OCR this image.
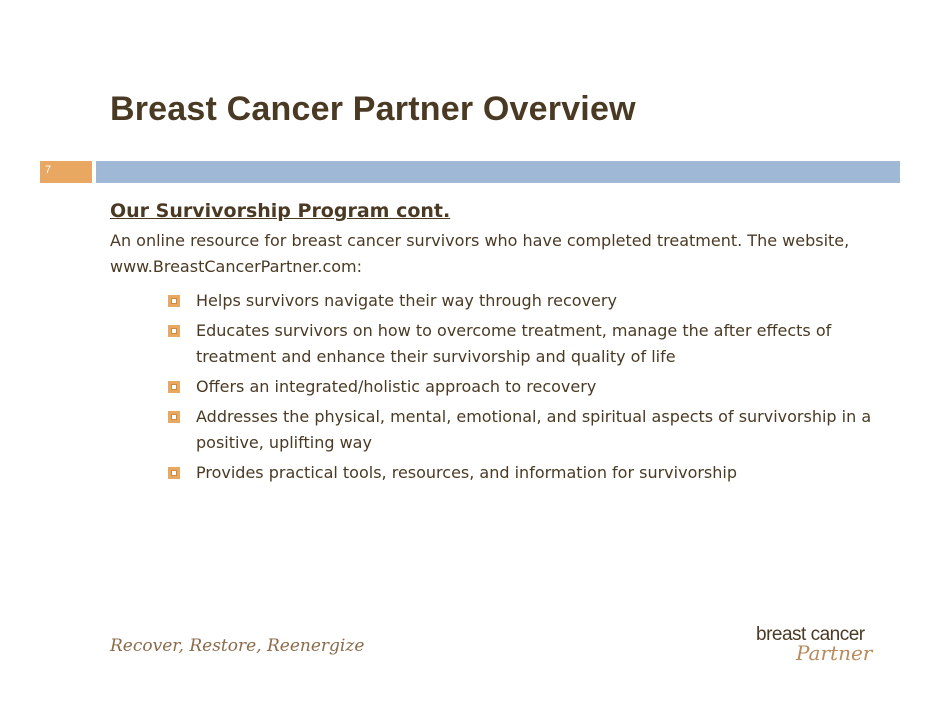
Breast Cancer Partner Overview
7
Our Survivorship Program cont.

An online resource for breast cancer survivors who have completed treatment. The website, www.BreastCancerPartner.com:

Helps survivors navigate their way through recovery
Educates survivors on how to overcome treatment, manage the after effects of treatment and enhance their survivorship and quality of life
Offers an integrated/holistic approach to recovery
Addresses the physical, mental, emotional, and spiritual aspects of survivorship in a positive, uplifting way
Provides practical tools, resources, and information for survivorship
Recover, Restore, Reenergize
breast cancer
Partner
